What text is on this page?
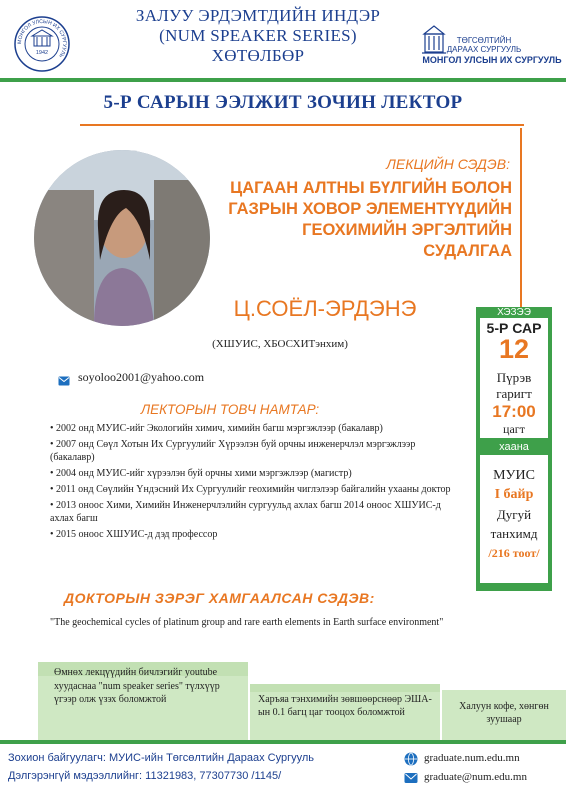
МОНГОЛ УЛСЫН ИХ СУРГУУЛЬ
1942
ЗАЛУУ ЭРДЭМТДИЙН ИНДЭР
(NUM SPEAKER SERIES)
ХӨТӨЛБӨР
ТӨГСӨЛТИЙН
ДАРААХ СУРГУУЛЬ
МОНГОЛ УЛСЫН ИХ СУРГУУЛЬ
5-Р САРЫН ЭЭЛЖИТ ЗОЧИН ЛЕКТОР
ЛЕКЦИЙН СЭДЭВ:
ЦАГААН АЛТНЫ БҮЛГИЙН БОЛОН
ГАЗРЫН ХОВОР ЭЛЕМЕНТҮҮДИЙН
ГЕОХИМИЙН ЭРГЭЛТИЙН
СУДАЛГАА
Ц.СОЁЛ-ЭРДЭНЭ
(ХШУИС, ХБОСХИТэнхим)
soyoloo2001@yahoo.com
ЛЕКТОРЫН ТОВЧ НАМТАР:
• 2002 онд МУИС-ийг Экологийн химич, химийн багш мэргэжлээр (бакалавр)
• 2007 онд Сөүл Хотын Их Сургуулийг Хүрээлэн буй орчны инженерчлэл мэргэжлээр (бакалавр)
• 2004 онд МУИС-ийг хүрээлэн буй орчны хими мэргэжлээр (магистр)
• 2011 онд Сөүлийн Үндэсний Их Сургуулийг геохимийн чиглэлээр байгалийн ухааны доктор
• 2013 оноос Хими, Химийн Инженерчлэлийн сургуульд ахлах багш 2014 оноос ХШУИС-д ахлах багш
• 2015 оноос ХШУИС-д дэд профессор
ДОКТОРЫН ЗЭРЭГ ХАМГААЛСАН СЭДЭВ:
"The geochemical cycles of platinum group and rare earth elements in Earth surface environment"
ХЭЗЭЭ
5-Р САР
12
Пүрэв
гаригт
17:00
цагт
хаана
МУИС
I байр
Дугуй
танхимд
/216 тоот/
Өмнөх лекцүүдийн бичлэгийг youtube хуудаснаа "num speaker series" түлхүүр үгээр олж үзэх боломжтой	Харъяа тэнхимийн зөвшөөрснөөр ЭША-ын 0.1 багц цаг тооцох боломжтой
Халуун кофе, хөнгөн зуушаар
Зохион байгуулагч: МУИС-ийн Төгсөлтийн Дараах Сургууль
Дэлгэрэнгүй мэдээллийнг: 11321983, 77307730 /1145/
graduate.num.edu.mn
graduate@num.edu.mn
